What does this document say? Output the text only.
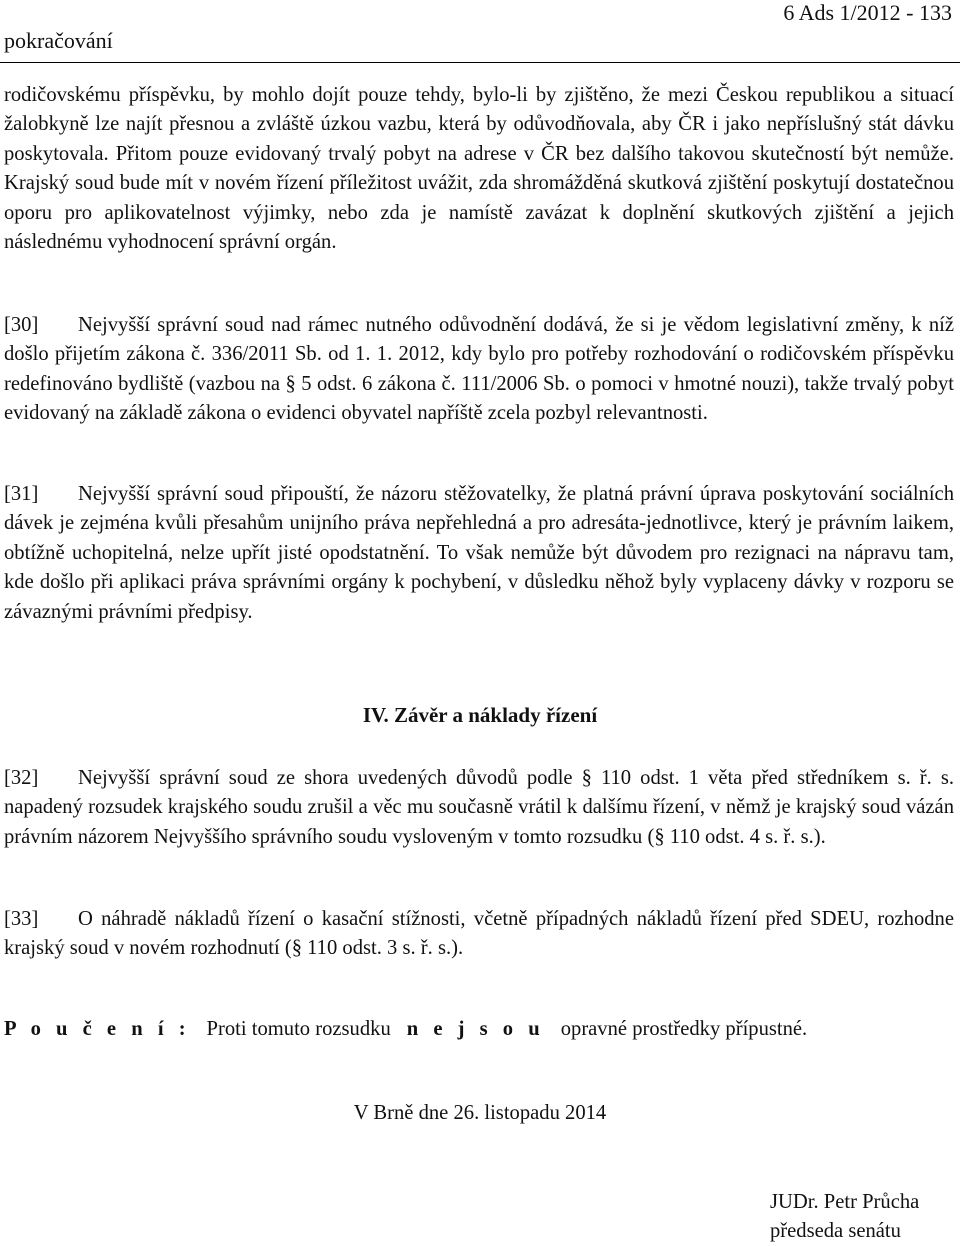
pokračování
6 Ads 1/2012 - 133
rodičovskému příspěvku, by mohlo dojít pouze tehdy, bylo-li by zjištěno, že mezi Českou republikou a situací žalobkyně lze najít přesnou a zvláště úzkou vazbu, která by odůvodňovala, aby ČR i jako nepříslušný stát dávku poskytovala. Přitom pouze evidovaný trvalý pobyt na adrese v ČR bez dalšího takovou skutečností být nemůže. Krajský soud bude mít v novém řízení příležitost uvážit, zda shromážděná skutková zjištění poskytují dostatečnou oporu pro aplikovatelnost výjimky, nebo zda je namístě zavázat k doplnění skutkových zjištění a jejich následnému vyhodnocení správní orgán.
[30] Nejvyšší správní soud nad rámec nutného odůvodnění dodává, že si je vědom legislativní změny, k níž došlo přijetím zákona č. 336/2011 Sb. od 1. 1. 2012, kdy bylo pro potřeby rozhodování o rodičovském příspěvku redefinováno bydliště (vazbou na § 5 odst. 6 zákona č. 111/2006 Sb. o pomoci v hmotné nouzi), takže trvalý pobyt evidovaný na základě zákona o evidenci obyvatel napříště zcela pozbyl relevantnosti.
[31] Nejvyšší správní soud připouští, že názoru stěžovatelky, že platná právní úprava poskytování sociálních dávek je zejména kvůli přesahům unijního práva nepřehledná a pro adresáta-jednotlivce, který je právním laikem, obtížně uchopitelná, nelze upřít jisté opodstatnění. To však nemůže být důvodem pro rezignaci na nápravu tam, kde došlo při aplikaci práva správními orgány k pochybení, v důsledku něhož byly vyplaceny dávky v rozporu se závaznými právními předpisy.
IV. Závěr a náklady řízení
[32] Nejvyšší správní soud ze shora uvedených důvodů podle § 110 odst. 1 věta před středníkem s. ř. s. napadený rozsudek krajského soudu zrušil a věc mu současně vrátil k dalšímu řízení, v němž je krajský soud vázán právním názorem Nejvyššího správního soudu vysloveným v tomto rozsudku (§ 110 odst. 4 s. ř. s.).
[33] O náhradě nákladů řízení o kasační stížnosti, včetně případných nákladů řízení před SDEU, rozhodne krajský soud v novém rozhodnutí (§ 110 odst. 3 s. ř. s.).
P o u č e n í : Proti tomuto rozsudku n e j s o u opravné prostředky přípustné.
V Brně dne 26. listopadu 2014
JUDr. Petr Průcha
předseda senátu
